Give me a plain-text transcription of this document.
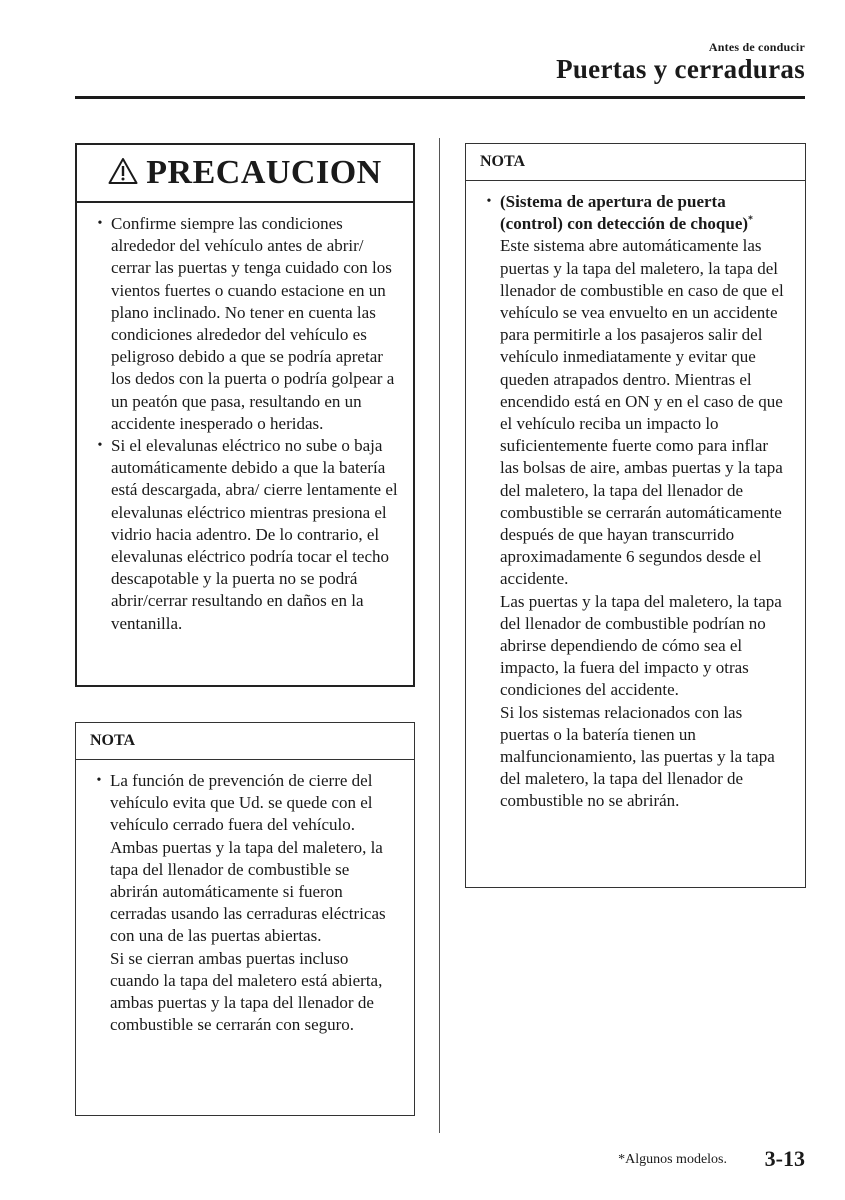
Antes de conducir
Puertas y cerraduras
PRECAUCION
• Confirme siempre las condiciones alrededor del vehículo antes de abrir/ cerrar las puertas y tenga cuidado con los vientos fuertes o cuando estacione en un plano inclinado. No tener en cuenta las condiciones alrededor del vehículo es peligroso debido a que se podría apretar los dedos con la puerta o podría golpear a un peatón que pasa, resultando en un accidente inesperado o heridas.
• Si el elevalunas eléctrico no sube o baja automáticamente debido a que la batería está descargada, abra/ cierre lentamente el elevalunas eléctrico mientras presiona el vidrio hacia adentro. De lo contrario, el elevalunas eléctrico podría tocar el techo descapotable y la puerta no se podrá abrir/cerrar resultando en daños en la ventanilla.
NOTA
• La función de prevención de cierre del vehículo evita que Ud. se quede con el vehículo cerrado fuera del vehículo.
Ambas puertas y la tapa del maletero, la tapa del llenador de combustible se abrirán automáticamente si fueron cerradas usando las cerraduras eléctricas con una de las puertas abiertas.
Si se cierran ambas puertas incluso cuando la tapa del maletero está abierta, ambas puertas y la tapa del llenador de combustible se cerrarán con seguro.
NOTA
• (Sistema de apertura de puerta (control) con detección de choque)*
Este sistema abre automáticamente las puertas y la tapa del maletero, la tapa del llenador de combustible en caso de que el vehículo se vea envuelto en un accidente para permitirle a los pasajeros salir del vehículo inmediatamente y evitar que queden atrapados dentro. Mientras el encendido está en ON y en el caso de que el vehículo reciba un impacto lo suficientemente fuerte como para inflar las bolsas de aire, ambas puertas y la tapa del maletero, la tapa del llenador de combustible se cerrarán automáticamente después de que hayan transcurrido aproximadamente 6 segundos desde el accidente.
Las puertas y la tapa del maletero, la tapa del llenador de combustible podrían no abrirse dependiendo de cómo sea el impacto, la fuera del impacto y otras condiciones del accidente.
Si los sistemas relacionados con las puertas o la batería tienen un malfuncionamiento, las puertas y la tapa del maletero, la tapa del llenador de combustible no se abrirán.
*Algunos modelos. 3-13
